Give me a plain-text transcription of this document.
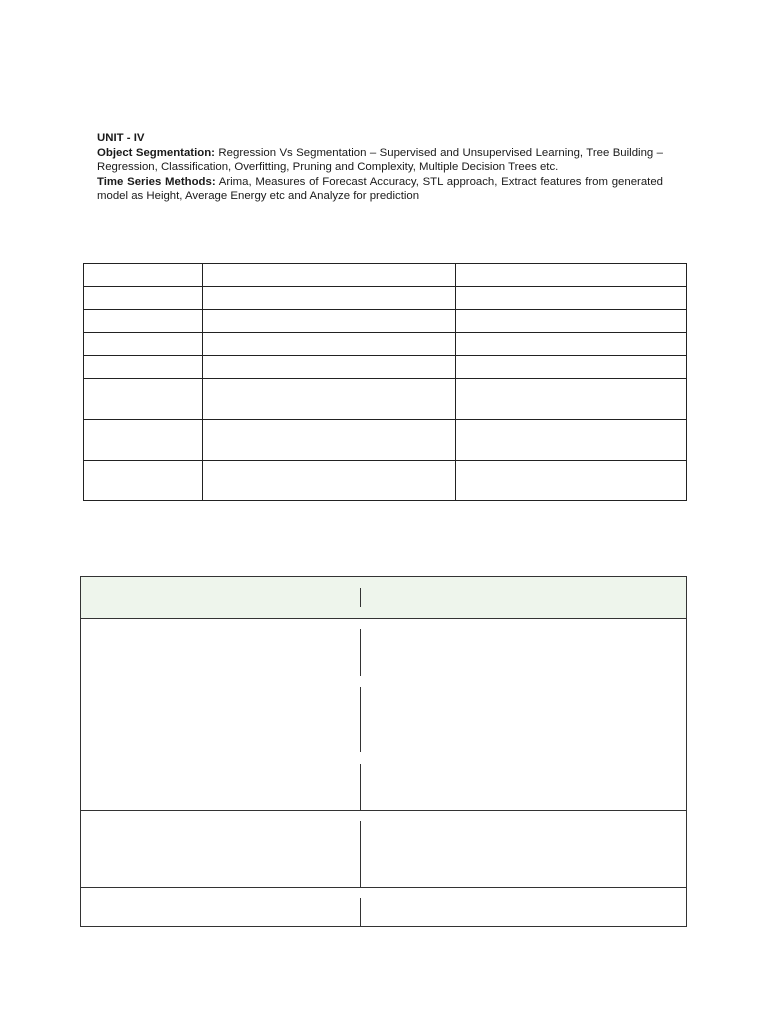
UNIT - IV

Object Segmentation: Regression Vs Segmentation – Supervised and Unsupervised Learning, Tree Building – Regression, Classification, Overfitting, Pruning and Complexity, Multiple Decision Trees etc.

Time Series Methods: Arima, Measures of Forecast Accuracy, STL approach, Extract features from generated model as Height, Average Energy etc and Analyze for prediction
